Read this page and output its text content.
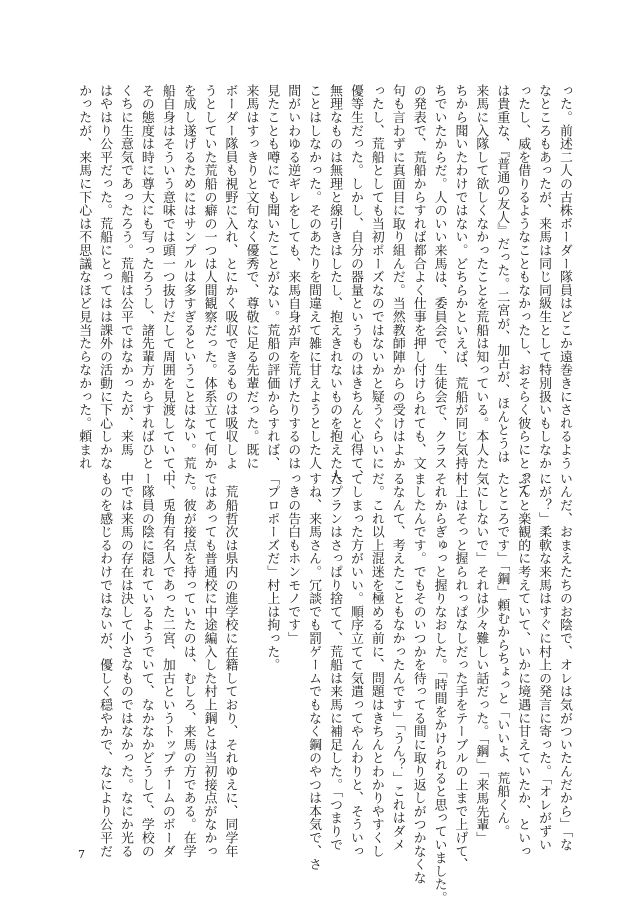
った。前述二人の古株ボーダー隊員はどこか遠巻きにされるよう
なところもあったが、来馬は同じ同級生として特別扱いもしなか
ったし、威を借りるようなこともなかったし、おそらく彼らにとって
は貴重な、『普通の友人』だった。二宮が、加古が、ほんとうは
来馬に入隊して欲しくなかったことを荒船は知っている。本人た
ちから聞いたわけではない。どちらかといえば、荒船が同じ気持
ちでいたからだ。人のいい来馬は、委員会で、生徒会で、クラス
の発表で、荒船からすれば都合よく仕事を押し付けられても、文
句も言わずに真面目に取り組んだ。当然教師陣からの受けはよか
ったし、荒船としても当初ポーズなのではないかと疑うぐらいに
優等生だった。しかし、自分の器量というものはきちんと心得て、
無理なものは無理と線引きはしたし、抱えきれないものを抱えた人
ことはしなかった。そのあたりを間違えて雑に甘えようとした人
間がいわゆる逆ギレをしても、来馬自身が声を荒げたりするのは
見たことも噂にでも聞いたことがない。荒船の評価からすれば、
来馬はすっきりと文句なく優秀で、尊敬に足る先輩だった。既に
ボーダー隊員も視野に入れ、とにかく吸収できるものは吸収しよ
うとしていた荒船の癖の一つは人間観察だった。体系立てて何か
を成し遂げるためにはサンプルは多すぎるということはない。荒
船自身はそういう意味では頭一つ抜けだして周囲を見渡していて、
その態度は時に尊大にも写ったろうし、諸先輩方からすればひと
くちに生意気であったろう。荒船は公平ではなかったが、来馬
はやはり公平だった。荒船にとってはは課外の活動に下心しかな
かったが、来馬に下心は不思議なほど見当たらなかった。頼まれ
いんだ、おまえたちのお陰で、オレは気がついたんだから」「な
にが？」柔軟な来馬はすぐに村上の発言に寄った。「オレがずい
ぶんと楽観的に考えていて、いかに境遇に甘えていたか、といっ
たところです」「鋼」頼むからちょっと「いいよ、荒船くん。
気にしないで」それは少々難しい話だった。「鋼」「来馬先輩」
村上はそっと握られっぱなしだった手をテーブルの上まで上げて、
それからぎゅっと握りなおした。「時間をかけられると思っていました。
ましたんです。でもそのいつかを待ってる間に取り返しがつかなくな
るなんて、考えたこともなかったんです」「うん？」これはダメ
だ。これ以上混迷を極める前に、問題はきちんとわかりやすくし
てしまった方がいい。順序立てて気遣ってやんわりと、そういっ
たプランはさっぱり捨てて、荒船は来馬に補足した。「つまりで
すね、来馬さん。冗談でも罰ゲームでもなく鋼のやつは本気で、さ
っきの告白もホンモノです」
「プロポーズだ」村上は拘った。

　荒船哲次は県内の進学校に在籍しており、それゆえに、同学年
ではあっても普通校に中途編入した村上鋼とは当初接点がなかっ
た。彼が接点を持っていたのは、むしろ、来馬の方である。在学
中、兎角有名人であった二宮、加古というトップチームのボーダ
ー隊員の陰に隠れているようでいて、なかなかどうして、学校の
中では来馬の存在は決して小さなものではなかった。なにか光る
ものを感じるわけではないが、優しく穏やかで、なにより公平だ
7
